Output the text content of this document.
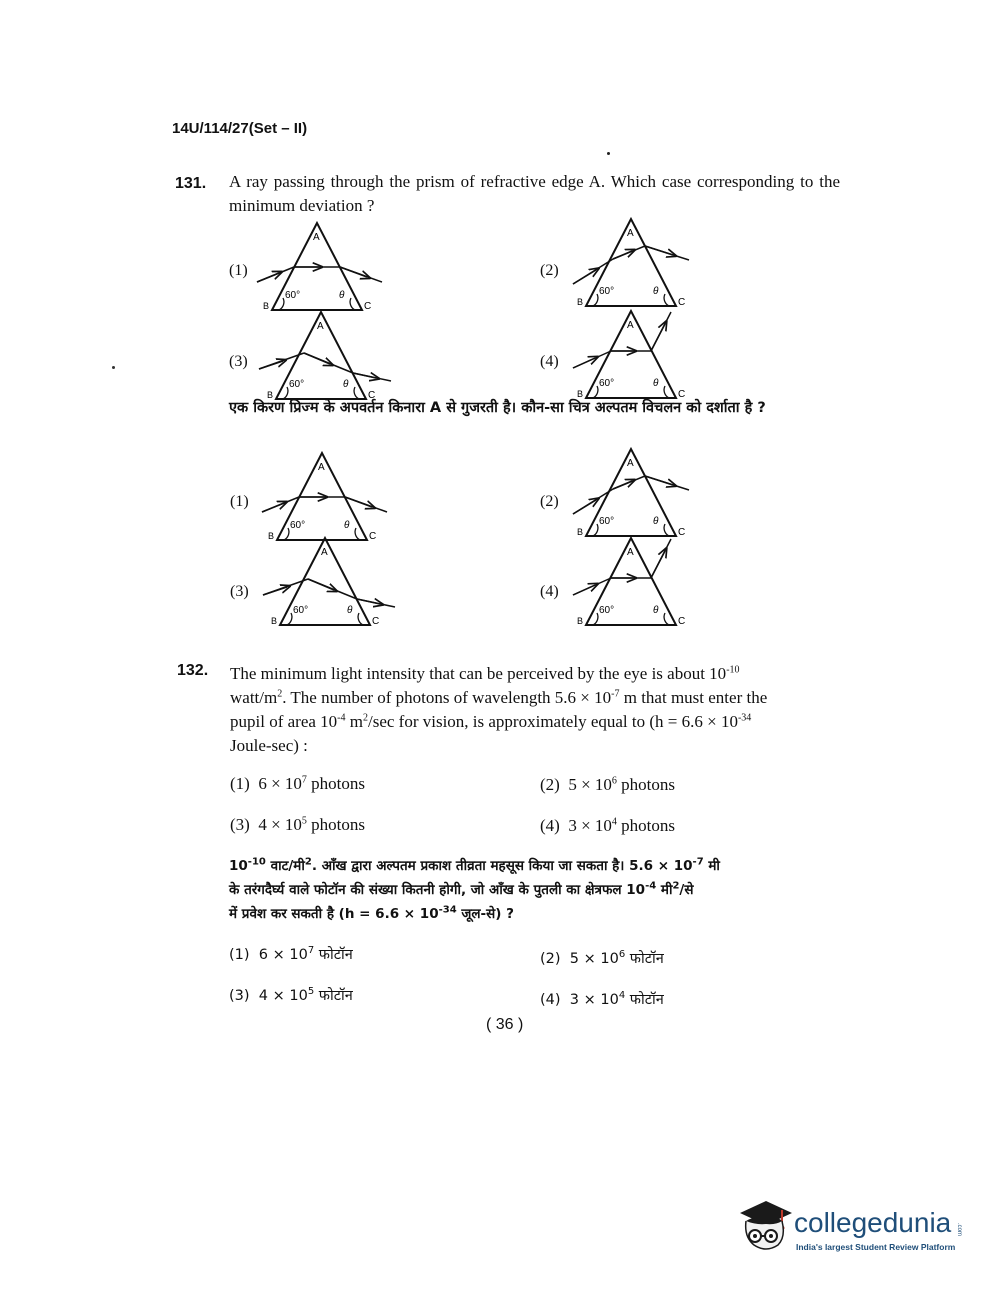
14U/114/27(Set – II)
131. A ray passing through the prism of refractive edge A. Which case corresponding to the minimum deviation ?
(1)
A
B	C
60°	θ
(2)
A
B	C
60°	θ
(3)
A
B	C
60°	θ
(4)
A
B	C
60°	θ
एक किरण प्रिज्म के अपवर्तन किनारा A से गुजरती है। कौन-सा चित्र अल्पतम विचलन को दर्शाता है ?
(1)
A
B	C
60°	θ
(2)
A
B	C
60°	θ
(3)
A
B	C
60°	θ
(4)
A
B	C
60°	θ
132. The minimum light intensity that can be perceived by the eye is about $10^{-10}$
watt/$m^2$. The number of photons of wavelength $5.6 \times 10^{-7}$ m that must enter the
pupil of area $10^{-4}$ $m^2/\sec$ for vision, is approximately equal to ($h = 6.6 \times 10^{-34}$
Joule-sec) :
(1) $6 \times 10^7$ photons	(2) $5 \times 10^6$ photons
(3) $4 \times 10^5$ photons	(4) $3 \times 10^4$ photons
$10^{-10}$ वाट/मी$^2$. आँख द्वारा अल्पतम प्रकाश तीव्रता महसूस किया जा सकता है। $5.6 \times 10^{-7}$ मी
के तरंगदैर्घ्य वाले फोटॉन की संख्या कितनी होगी, जो आँख के पुतली का क्षेत्रफल $10^{-4}$ मी$^2$/से
में प्रवेश कर सकती है ($h = 6.6 \times 10^{-34}$ जूल-से) ?
(1) $6 \times 10^7$ फोटॉन	(2) $5 \times 10^6$ फोटॉन
(3) $4 \times 10^5$ फोटॉन	(4) $3 \times 10^4$ फोटॉन
( 36 )
collegedunia .com
India's largest Student Review Platform
